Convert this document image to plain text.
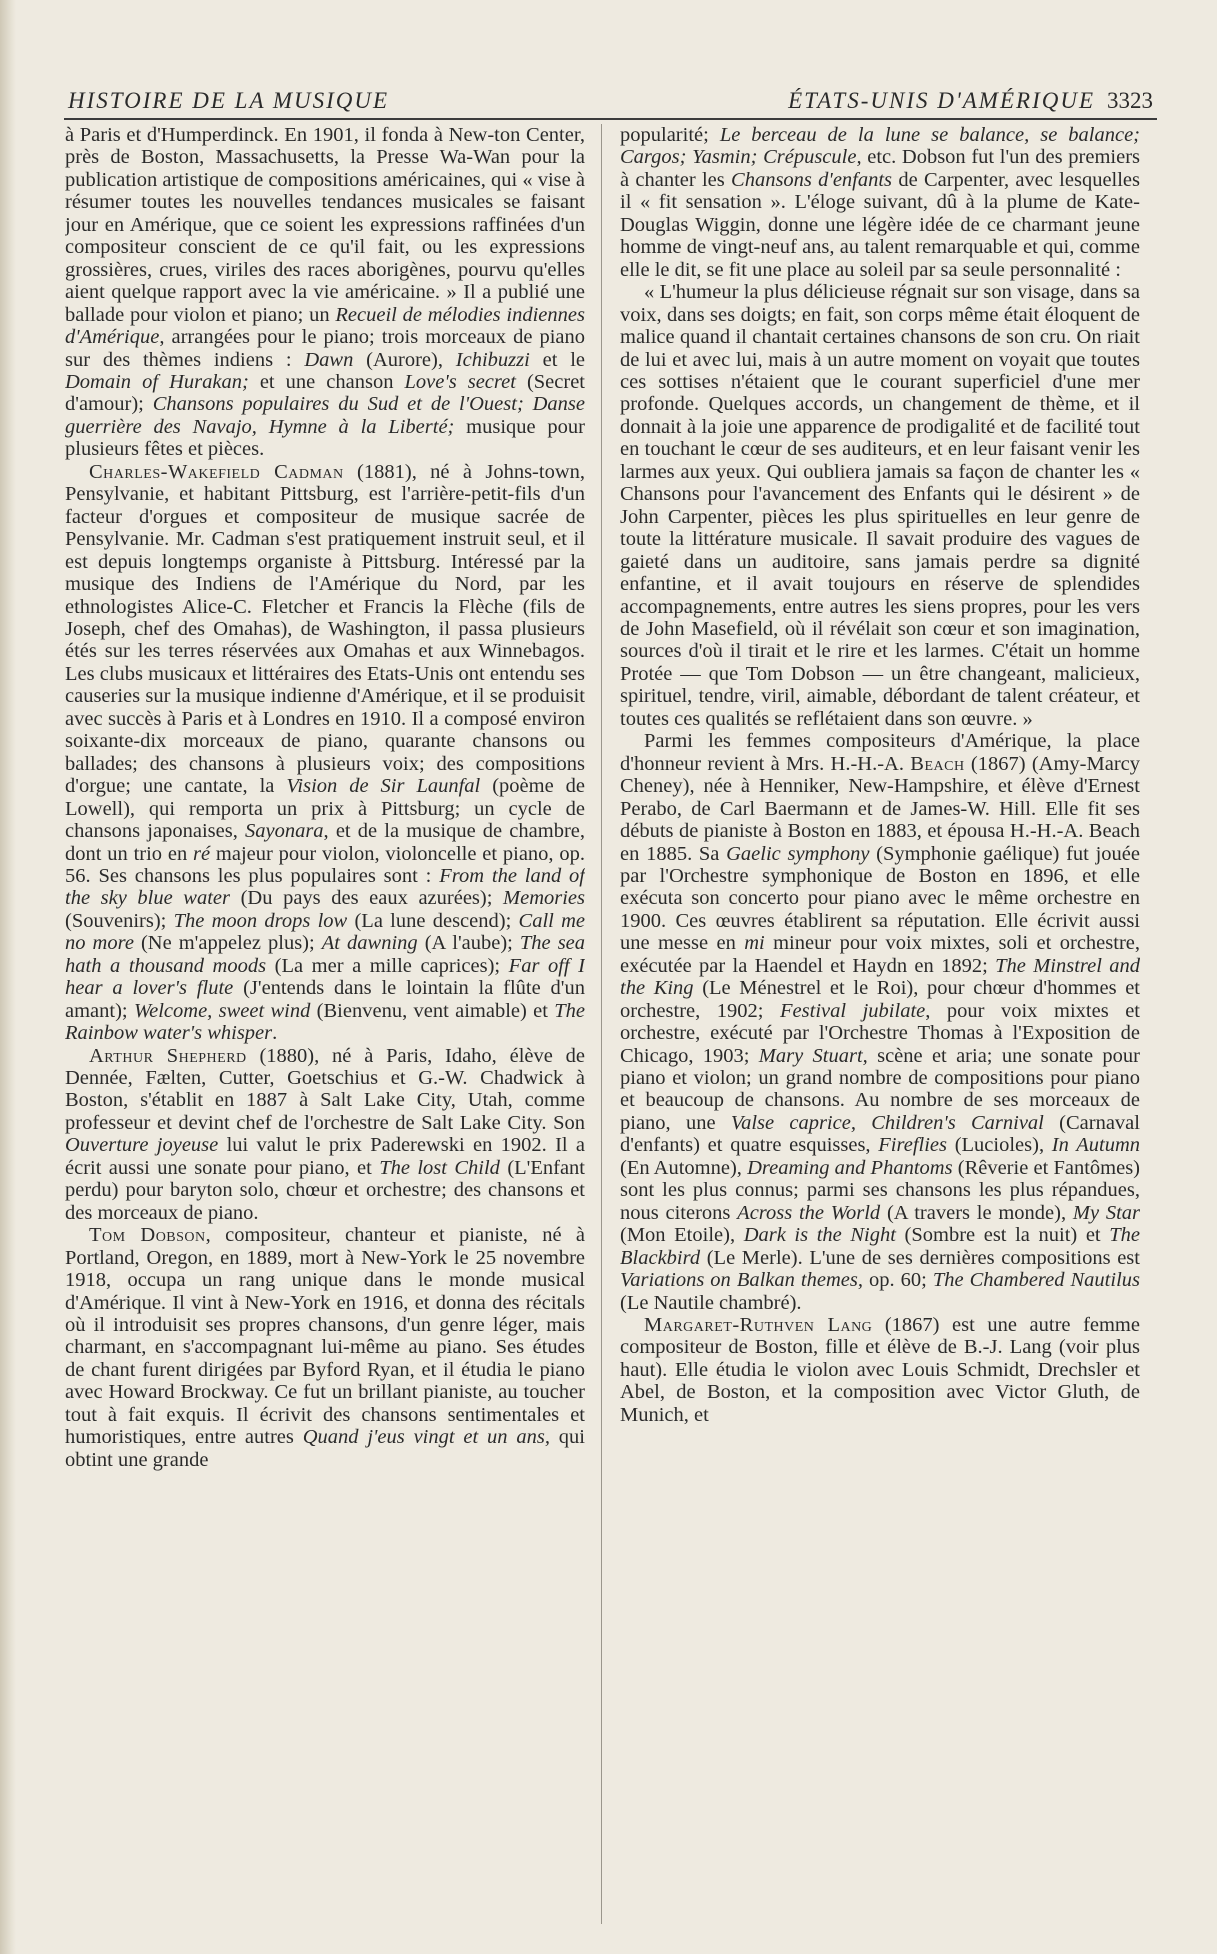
HISTOIRE DE LA MUSIQUE	ÉTATS-UNIS D'AMÉRIQUE 3323

à Paris et d'Humperdinck. En 1901, il fonda à New-ton Center, près de Boston, Massachusetts, la Presse Wa-Wan pour la publication artistique de compositions américaines, qui « vise à résumer toutes les nouvelles tendances musicales se faisant jour en Amérique, que ce soient les expressions raffinées d'un compositeur conscient de ce qu'il fait, ou les expressions grossières, crues, viriles des races aborigènes, pourvu qu'elles aient quelque rapport avec la vie américaine. » Il a publié une ballade pour violon et piano; un Recueil de mélodies indiennes d'Amérique, arrangées pour le piano; trois morceaux de piano sur des thèmes indiens : Dawn (Aurore), Ichibuzzi et le Domain of Hurakan; et une chanson Love's secret (Secret d'amour); Chansons populaires du Sud et de l'Ouest; Danse guerrière des Navajo, Hymne à la Liberté; musique pour plusieurs fêtes et pièces.

Charles-Wakefield Cadman (1881), né à Johns-town, Pensylvanie, et habitant Pittsburg, est l'arrière-petit-fils d'un facteur d'orgues et compositeur de musique sacrée de Pensylvanie. Mr. Cadman s'est pratiquement instruit seul, et il est depuis longtemps organiste à Pittsburg. Intéressé par la musique des Indiens de l'Amérique du Nord, par les ethnologistes Alice-C. Fletcher et Francis la Flèche (fils de Joseph, chef des Omahas), de Washington, il passa plusieurs étés sur les terres réservées aux Omahas et aux Winnebagos. Les clubs musicaux et littéraires des Etats-Unis ont entendu ses causeries sur la musique indienne d'Amérique, et il se produisit avec succès à Paris et à Londres en 1910. Il a composé environ soixante-dix morceaux de piano, quarante chansons ou ballades; des chansons à plusieurs voix; des compositions d'orgue; une cantate, la Vision de Sir Launfal (poème de Lowell), qui remporta un prix à Pittsburg; un cycle de chansons japonaises, Sayonara, et de la musique de chambre, dont un trio en ré majeur pour violon, violoncelle et piano, op. 56. Ses chansons les plus populaires sont : From the land of the sky blue water (Du pays des eaux azurées); Memories (Souvenirs); The moon drops low (La lune descend); Call me no more (Ne m'appelez plus); At dawning (A l'aube); The sea hath a thousand moods (La mer a mille caprices); Far off I hear a lover's flute (J'entends dans le lointain la flûte d'un amant); Welcome, sweet wind (Bienvenu, vent aimable) et The Rainbow water's whisper.

Arthur Shepherd (1880), né à Paris, Idaho, élève de Dennée, Fælten, Cutter, Goetschius et G.-W. Chadwick à Boston, s'établit en 1887 à Salt Lake City, Utah, comme professeur et devint chef de l'orchestre de Salt Lake City. Son Ouverture joyeuse lui valut le prix Paderewski en 1902. Il a écrit aussi une sonate pour piano, et The lost Child (L'Enfant perdu) pour baryton solo, chœur et orchestre; des chansons et des morceaux de piano.

Tom Dobson, compositeur, chanteur et pianiste, né à Portland, Oregon, en 1889, mort à New-York le 25 novembre 1918, occupa un rang unique dans le monde musical d'Amérique. Il vint à New-York en 1916, et donna des récitals où il introduisit ses propres chansons, d'un genre léger, mais charmant, en s'accompagnant lui-même au piano. Ses études de chant furent dirigées par Byford Ryan, et il étudia le piano avec Howard Brockway. Ce fut un brillant pianiste, au toucher tout à fait exquis. Il écrivit des chansons sentimentales et humoristiques, entre autres Quand j'eus vingt et un ans, qui obtint une grande

popularité; Le berceau de la lune se balance, se balance; Cargos; Yasmin; Crépuscule, etc. Dobson fut l'un des premiers à chanter les Chansons d'enfants de Carpenter, avec lesquelles il « fit sensation ». L'éloge suivant, dû à la plume de Kate-Douglas Wiggin, donne une légère idée de ce charmant jeune homme de vingt-neuf ans, au talent remarquable et qui, comme elle le dit, se fit une place au soleil par sa seule personnalité :

« L'humeur la plus délicieuse régnait sur son visage, dans sa voix, dans ses doigts; en fait, son corps même était éloquent de malice quand il chantait certaines chansons de son cru. On riait de lui et avec lui, mais à un autre moment on voyait que toutes ces sottises n'étaient que le courant superficiel d'une mer profonde. Quelques accords, un changement de thème, et il donnait à la joie une apparence de prodigalité et de facilité tout en touchant le cœur de ses auditeurs, et en leur faisant venir les larmes aux yeux. Qui oubliera jamais sa façon de chanter les « Chansons pour l'avancement des Enfants qui le désirent » de John Carpenter, pièces les plus spirituelles en leur genre de toute la littérature musicale. Il savait produire des vagues de gaieté dans un auditoire, sans jamais perdre sa dignité enfantine, et il avait toujours en réserve de splendides accompagnements, entre autres les siens propres, pour les vers de John Masefield, où il révélait son cœur et son imagination, sources d'où il tirait et le rire et les larmes. C'était un homme Protée — que Tom Dobson — un être changeant, malicieux, spirituel, tendre, viril, aimable, débordant de talent créateur, et toutes ces qualités se reflétaient dans son œuvre. »

Parmi les femmes compositeurs d'Amérique, la place d'honneur revient à Mrs. H.-H.-A. Beach (1867) (Amy-Marcy Cheney), née à Henniker, New-Hampshire, et élève d'Ernest Perabo, de Carl Baermann et de James-W. Hill. Elle fit ses débuts de pianiste à Boston en 1883, et épousa H.-H.-A. Beach en 1885. Sa Gaelic symphony (Symphonie gaélique) fut jouée par l'Orchestre symphonique de Boston en 1896, et elle exécuta son concerto pour piano avec le même orchestre en 1900. Ces œuvres établirent sa réputation. Elle écrivit aussi une messe en mi mineur pour voix mixtes, soli et orchestre, exécutée par la Haendel et Haydn en 1892; The Minstrel and the King (Le Ménestrel et le Roi), pour chœur d'hommes et orchestre, 1902; Festival jubilate, pour voix mixtes et orchestre, exécuté par l'Orchestre Thomas à l'Exposition de Chicago, 1903; Mary Stuart, scène et aria; une sonate pour piano et violon; un grand nombre de compositions pour piano et beaucoup de chansons. Au nombre de ses morceaux de piano, une Valse caprice, Children's Carnival (Carnaval d'enfants) et quatre esquisses, Fireflies (Lucioles), In Autumn (En Automne), Dreaming and Phantoms (Rêverie et Fantômes) sont les plus connus; parmi ses chansons les plus répandues, nous citerons Across the World (A travers le monde), My Star (Mon Etoile), Dark is the Night (Sombre est la nuit) et The Blackbird (Le Merle). L'une de ses dernières compositions est Variations on Balkan themes, op. 60; The Chambered Nautilus (Le Nautile chambré).

Margaret-Ruthven Lang (1867) est une autre femme compositeur de Boston, fille et élève de B.-J. Lang (voir plus haut). Elle étudia le violon avec Louis Schmidt, Drechsler et Abel, de Boston, et la composition avec Victor Gluth, de Munich, et
